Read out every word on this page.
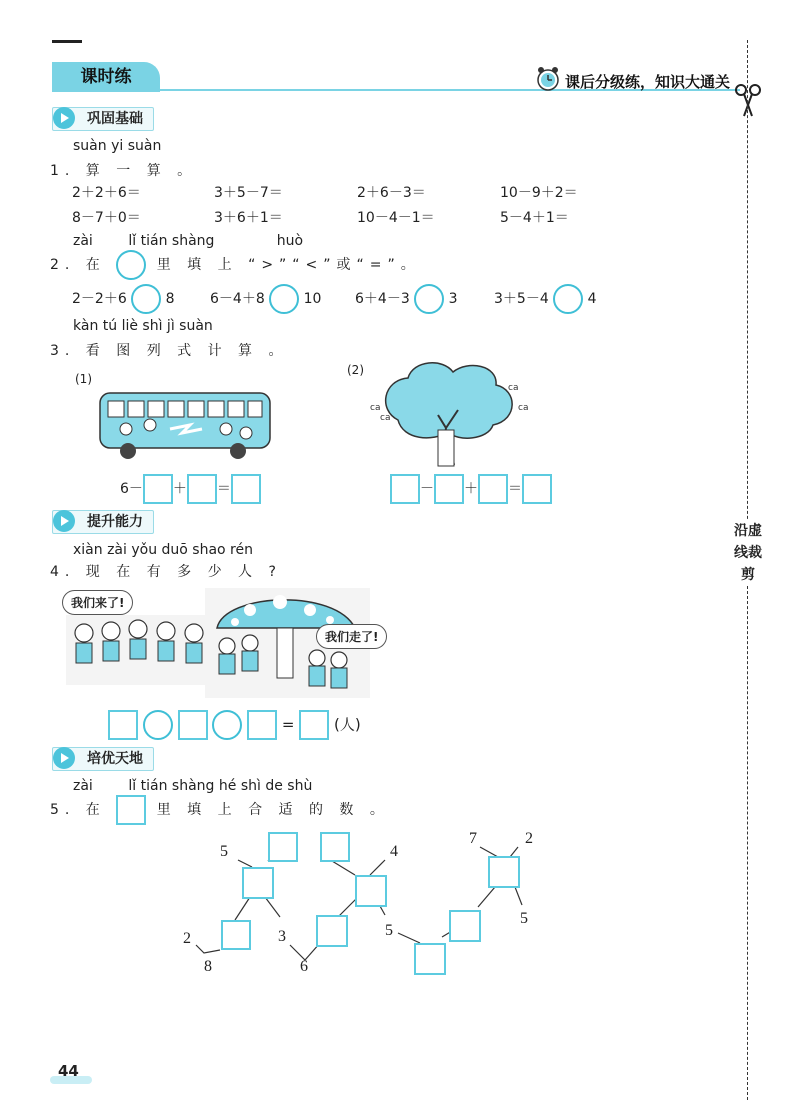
课时练	课后分级练，知识大通关
沿虚线裁剪
巩固基础
suàn yi suàn
1. 算 一 算 。
2＋2＋6＝	3＋5－7＝	2＋6－3＝	10－9＋2＝
8－7＋0＝	3＋6＋1＝	10－4－1＝	5－4＋1＝
zài        lǐ tián shàng              huò
2. 在	里 填 上 “>”“<”或“=”。
2－2＋6	8	6－4＋8	10 6＋4－3	3	3＋5－4	4
kàn tú liè shì jì suàn
3. 看 图 列 式 计 算 。
(1)
(2)
ca
ca
ca
ca
6－ ＋ ＝	－ ＋ ＝
提升能力
xiàn zài yǒu duō shao rén
4. 现 在 有 多 少 人 ?
我们来了!
我们走了!
=	(人)
培优天地
zài        lǐ tián shàng hé shì de shù
5. 在	里 填 上 合 适 的 数 。
5
2
8
3
6
4
5
7	2
5
44
